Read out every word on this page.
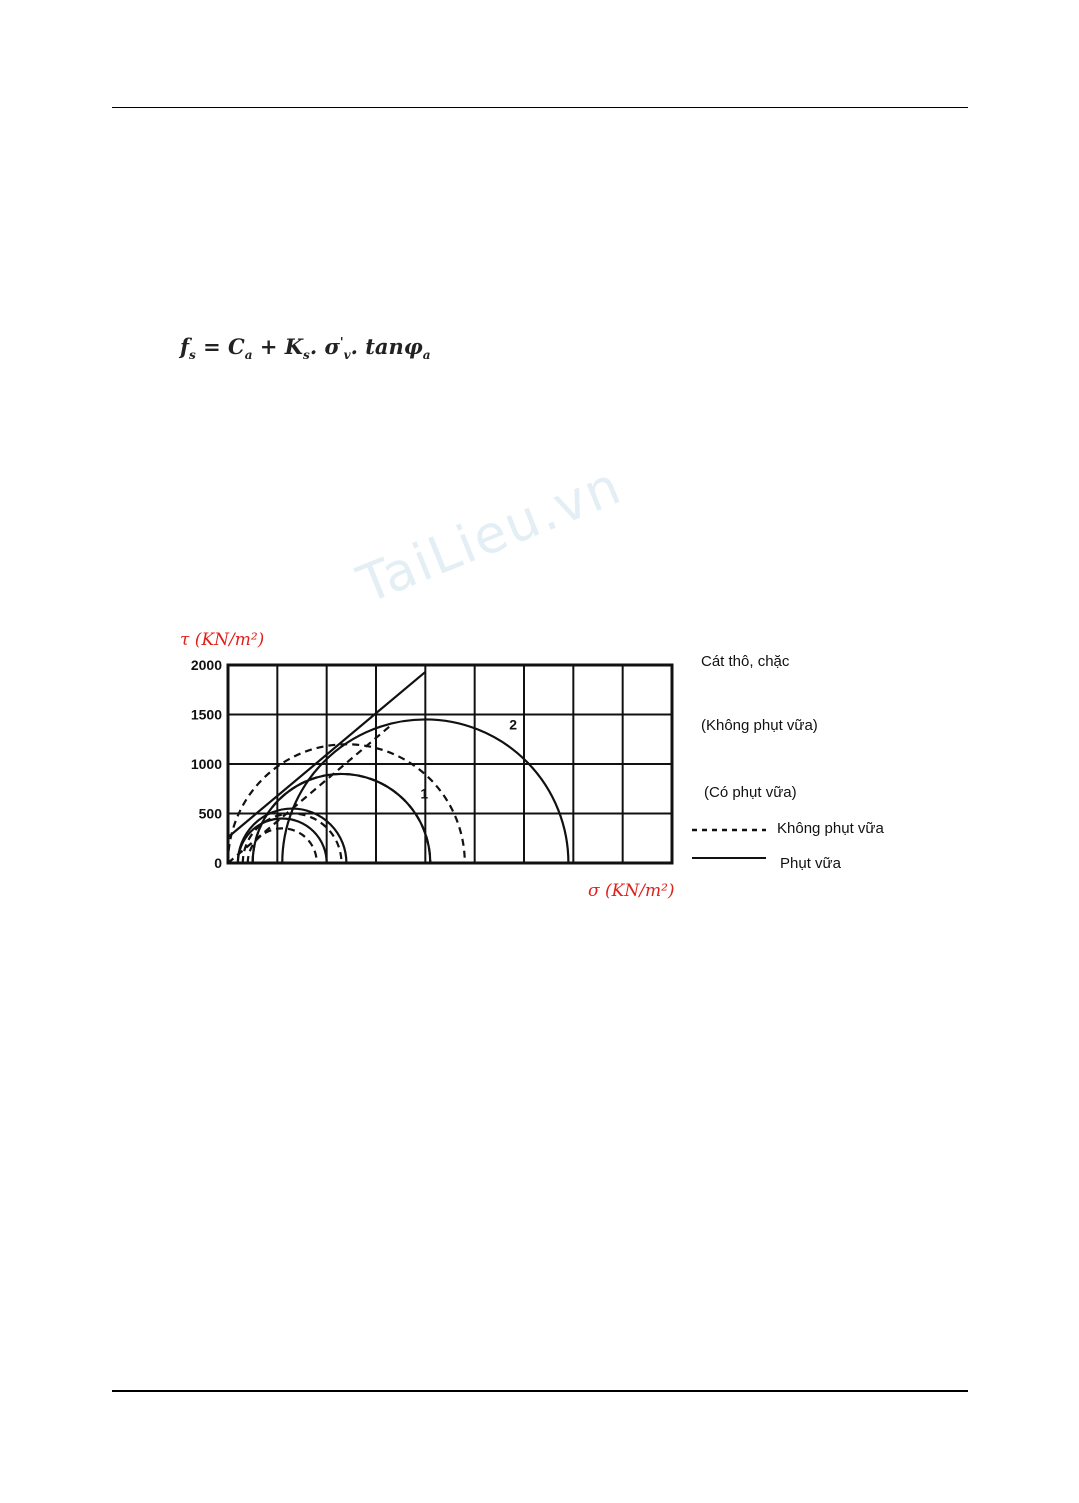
$f_s = C_a + K_s$. $\sigma'_v$. tanφ$_a$
TaiLieu.vn
0
500
1000
1500
2000
1
2
τ (KN/m²)
σ (KN/m²)
Cát thô, chặc
(Không phụt vữa)
(Có phụt vữa)
Không phụt vữa
Phụt vữa
